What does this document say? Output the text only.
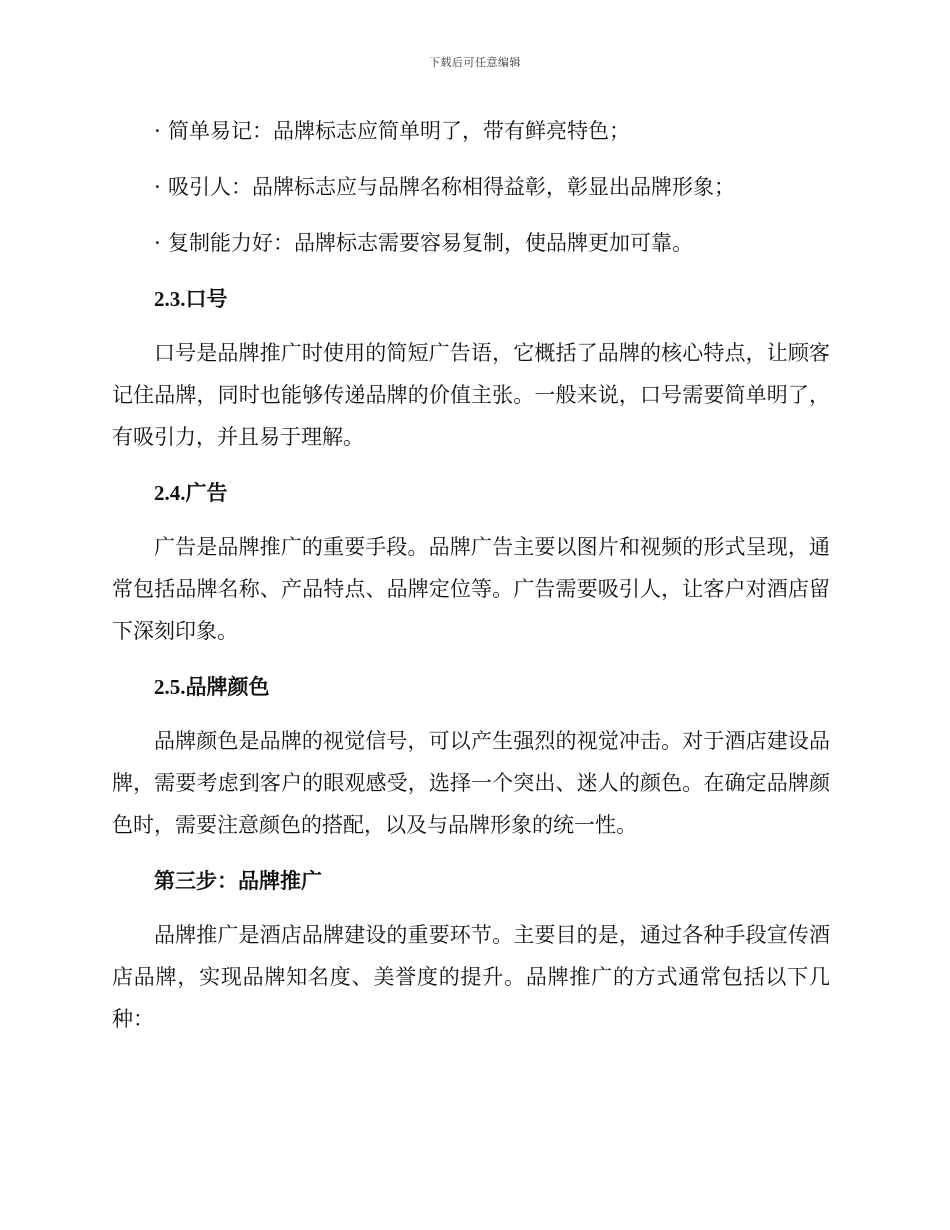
下载后可任意编辑
· 简单易记：品牌标志应简单明了，带有鲜亮特色；
· 吸引人：品牌标志应与品牌名称相得益彰，彰显出品牌形象；
· 复制能力好：品牌标志需要容易复制，使品牌更加可靠。
2.3.口号
口号是品牌推广时使用的简短广告语，它概括了品牌的核心特点，让顾客记住品牌，同时也能够传递品牌的价值主张。一般来说，口号需要简单明了，有吸引力，并且易于理解。
2.4.广告
广告是品牌推广的重要手段。品牌广告主要以图片和视频的形式呈现，通常包括品牌名称、产品特点、品牌定位等。广告需要吸引人，让客户对酒店留下深刻印象。
2.5.品牌颜色
品牌颜色是品牌的视觉信号，可以产生强烈的视觉冲击。对于酒店建设品牌，需要考虑到客户的眼观感受，选择一个突出、迷人的颜色。在确定品牌颜色时，需要注意颜色的搭配，以及与品牌形象的统一性。
第三步：品牌推广
品牌推广是酒店品牌建设的重要环节。主要目的是，通过各种手段宣传酒店品牌，实现品牌知名度、美誉度的提升。品牌推广的方式通常包括以下几种：
